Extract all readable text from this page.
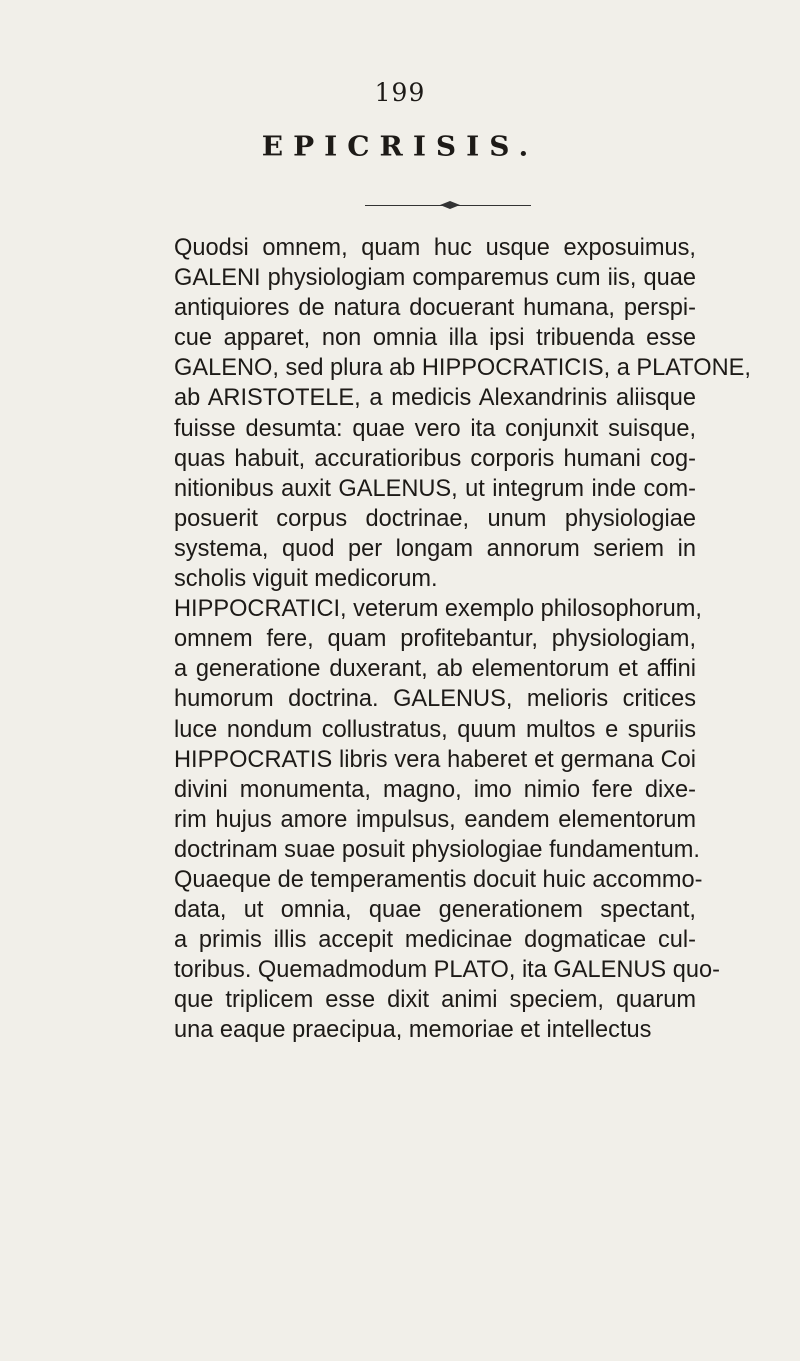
199
EPICRISIS.
Quodsi omnem, quam huc usque exposuimus,
GALENI physiologiam comparemus cum iis, quae
antiquiores de natura docuerant humana, perspi-
cue apparet, non omnia illa ipsi tribuenda esse
GALENO, sed plura ab HIPPOCRATICIS, a PLATONE,
ab ARISTOTELE, a medicis Alexandrinis aliisque
fuisse desumta: quae vero ita conjunxit suisque,
quas habuit, accuratioribus corporis humani cog-
nitionibus auxit GALENUS, ut integrum inde com-
posuerit corpus doctrinae, unum physiologiae
systema, quod per longam annorum seriem in
scholis viguit medicorum.
HIPPOCRATICI, veterum exemplo philosophorum,
omnem fere, quam profitebantur, physiologiam,
a generatione duxerant, ab elementorum et affini
humorum doctrina. GALENUS, melioris critices
luce nondum collustratus, quum multos e spuriis
HIPPOCRATIS libris vera haberet et germana Coi
divini monumenta, magno, imo nimio fere dixe-
rim hujus amore impulsus, eandem elementorum
doctrinam suae posuit physiologiae fundamentum.
Quaeque de temperamentis docuit huic accommo-
data, ut omnia, quae generationem spectant,
a primis illis accepit medicinae dogmaticae cul-
toribus. Quemadmodum PLATO, ita GALENUS quo-
que triplicem esse dixit animi speciem, quarum
una eaque praecipua, memoriae et intellectus
